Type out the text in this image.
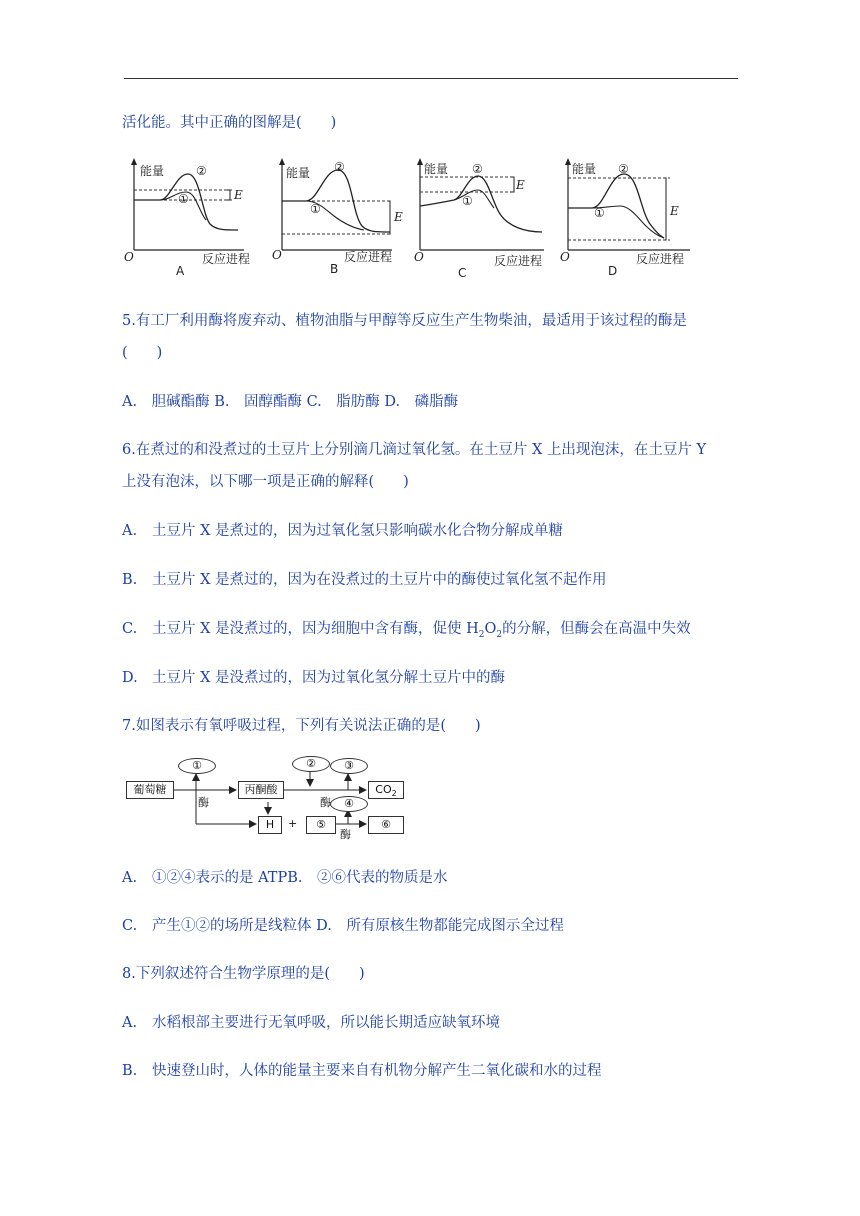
活化能。其中正确的图解是(　　)
能量	②
①	E
O	反应进程
A
能量 ②
①
E
O	反应进程
B
能量 ②
①
E
O	反应进程
C
能量 ②
①	E
O	反应进程
D
5.有工厂利用酶将废弃动、植物油脂与甲醇等反应生产生物柴油，最适用于该过程的酶是
(　　)
A.　胆碱酯酶 B.　固醇酯酶 C.　脂肪酶 D.　磷脂酶
6.在煮过的和没煮过的土豆片上分别滴几滴过氧化氢。在土豆片 X 上出现泡沫，在土豆片 Y
上没有泡沫，以下哪一项是正确的解释(　　)
A. 土豆片 X 是煮过的，因为过氧化氢只影响碳水化合物分解成单糖
B. 土豆片 X 是煮过的，因为在没煮过的土豆片中的酶使过氧化氢不起作用
C. 土豆片 X 是没煮过的，因为细胞中含有酶，促使 $H_2O_2$的分解，但酶会在高温中失效
D. 土豆片 X 是没煮过的，因为过氧化氢分解土豆片中的酶
7.如图表示有氧呼吸过程，下列有关说法正确的是(　　)
葡萄糖	丙酮酸	$CO_2$
H	+	⑤	⑥
①	②	③
④
酶	酶
酶
A. ①②④表示的是 ATPB.　②⑥代表的物质是水
C. 产生①②的场所是线粒体 D.　所有原核生物都能完成图示全过程
8.下列叙述符合生物学原理的是(　　)
A. 水稻根部主要进行无氧呼吸，所以能长期适应缺氧环境
B. 快速登山时，人体的能量主要来自有机物分解产生二氧化碳和水的过程
